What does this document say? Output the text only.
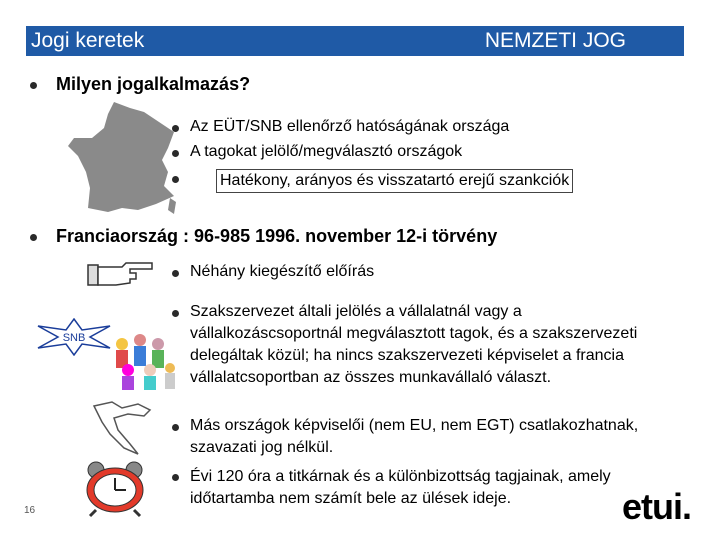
Jogi keretek	NEMZETI JOG
Milyen jogalkalmazás?
Az EÜT/SNB ellenőrző hatóságának országa
A tagokat jelölő/megválasztó országok
Hatékony, arányos és visszatartó erejű szankciók
Franciaország : 96-985 1996. november 12-i törvény
SNB
Néhány kiegészítő előírás
Szakszervezet általi jelölés a vállalatnál vagy a vállalkozáscsoportnál megválasztott tagok, és a szakszervezeti delegáltak közül; ha nincs szakszervezeti képviselet a francia vállalatcsoportban az összes munkavállaló választ.
Más országok képviselői (nem EU, nem EGT) csatlakozhatnak, szavazati jog nélkül.
Évi 120 óra a titkárnak és a különbizottság tagjainak, amely időtartamba nem számít bele az ülések ideje.
16	etui.
